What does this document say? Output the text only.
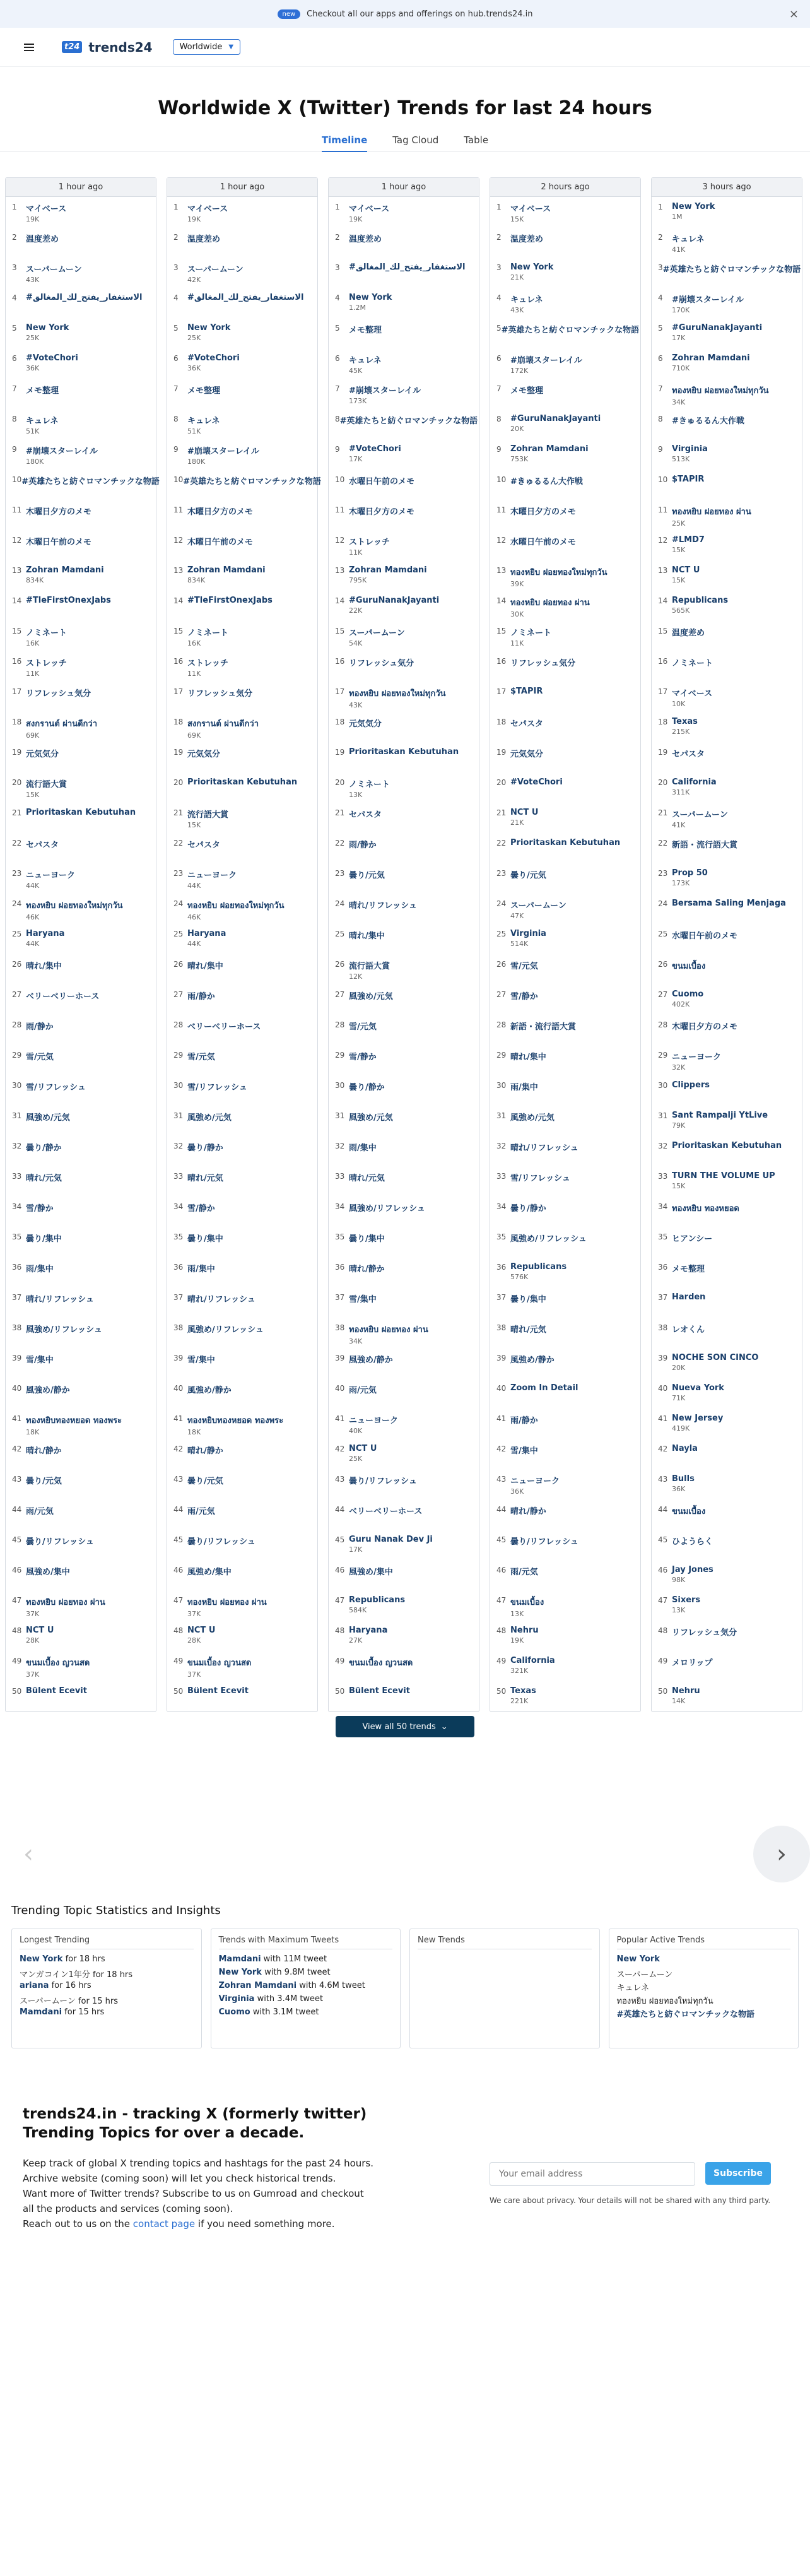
new	Checkout all our apps and offerings on hub.trends24.in	×
t24 trends24	Worldwide ▼
Worldwide X (Twitter) Trends for last 24 hours
Timeline	Tag Cloud	Table
1 hour ago
1	マイベース
19K
2	温度差め
3	スーパームーン
43K
4	#الاستغفار_يفتح_لك_المغالق
5	New York
25K
6	#VoteChori
36K
7	メモ整理
8	キュレネ
51K
9	#崩壊スターレイル
180K
10 #英雄たちと紡ぐロマンチックな物語
11 木曜日夕方のメモ
12 木曜日午前のメモ
13 Zohran Mamdani
834K
14 #TleFirstOnexJabs
15 ノミネート
16K
16 ストレッチ
11K
17 リフレッシュ気分
18 สงกรานต์ ผ่านดีกว่า
69K
19 元気気分
20 流行語大賞
15K
21 Prioritaskan Kebutuhan
22 セパスタ
23 ニューヨーク
44K
24 ทองหยิบ ฝอยทองใหม่ทุกวัน
46K
25 Haryana
44K
26 晴れ/集中
27 ベリーベリーホース
28 雨/静か
29 雪/元気
30 雪/リフレッシュ
31 風強め/元気
32 曇り/静か
33 晴れ/元気
34 雪/静か
35 曇り/集中
36 雨/集中
37 晴れ/リフレッシュ
38 風強め/リフレッシュ
39 雪/集中
40 風強め/静か
41 ทองหยิบทองหยอด ทองพระ
18K
42 晴れ/静か
43 曇り/元気
44 雨/元気
45 曇り/リフレッシュ
46 風強め/集中
47 ทองหยิบ ฝอยทอง ผ่าน
37K
48 NCT U
28K
49 ขนมเบื้อง ญวนสด
37K
50 Bülent Ecevit
1 hour ago
1	マイベース
19K
2	温度差め
3	スーパームーン
42K
4	#الاستغفار_يفتح_لك_المغالق
5	New York
25K
6	#VoteChori
36K
7	メモ整理
8	キュレネ
51K
9	#崩壊スターレイル
180K
10 #英雄たちと紡ぐロマンチックな物語
11 木曜日夕方のメモ
12 木曜日午前のメモ
13 Zohran Mamdani
834K
14 #TleFirstOnexJabs
15 ノミネート
16K
16 ストレッチ
11K
17 リフレッシュ気分
18 สงกรานต์ ผ่านดีกว่า
69K
19 元気気分
20 Prioritaskan Kebutuhan
21 流行語大賞
15K
22 セパスタ
23 ニューヨーク
44K
24 ทองหยิบ ฝอยทองใหม่ทุกวัน
46K
25 Haryana
44K
26 晴れ/集中
27 雨/静か
28 ベリーベリーホース
29 雪/元気
30 雪/リフレッシュ
31 風強め/元気
32 曇り/静か
33 晴れ/元気
34 雪/静か
35 曇り/集中
36 雨/集中
37 晴れ/リフレッシュ
38 風強め/リフレッシュ
39 雪/集中
40 風強め/静か
41 ทองหยิบทองหยอด ทองพระ
18K
42 晴れ/静か
43 曇り/元気
44 雨/元気
45 曇り/リフレッシュ
46 風強め/集中
47 ทองหยิบ ฝอยทอง ผ่าน
37K
48 NCT U
28K
49 ขนมเบื้อง ญวนสด
37K
50 Bülent Ecevit
1 hour ago
1	マイベース
19K
2	温度差め
3	#الاستغفار_يفتح_لك_المغالق
4	New York
1.2M
5	メモ整理
6	キュレネ
45K
7	#崩壊スターレイル
173K
8 #英雄たちと紡ぐロマンチックな物語
9	#VoteChori
17K
10 水曜日午前のメモ
11 木曜日夕方のメモ
12 ストレッチ
11K
13 Zohran Mamdani
795K
14 #GuruNanakJayanti
22K
15 スーパームーン
54K
16 リフレッシュ気分
17 ทองหยิบ ฝอยทองใหม่ทุกวัน
43K
18 元気気分
19 Prioritaskan Kebutuhan
20 ノミネート
13K
21 セパスタ
22 雨/静か
23 曇り/元気
24 晴れ/リフレッシュ
25 晴れ/集中
26 流行語大賞
12K
27 風強め/元気
28 雪/元気
29 雪/静か
30 曇り/静か
31 風強め/元気
32 雨/集中
33 晴れ/元気
34 風強め/リフレッシュ
35 曇り/集中
36 晴れ/静か
37 雪/集中
38 ทองหยิบ ฝอยทอง ผ่าน
34K
39 風強め/静か
40 雨/元気
41 ニューヨーク
40K
42 NCT U
25K
43 曇り/リフレッシュ
44 ベリーベリーホース
45 Guru Nanak Dev Ji
17K
46 風強め/集中
47 Republicans
584K
48 Haryana
27K
49 ขนมเบื้อง ญวนสด
50 Bülent Ecevit
2 hours ago
1	マイベース
15K
2	温度差め
3	New York
21K
4	キュレネ
43K
5 #英雄たちと紡ぐロマンチックな物語
6	#崩壊スターレイル
172K
7	メモ整理
8	#GuruNanakJayanti
20K
9	Zohran Mamdani
753K
10 #きゅるるん大作戦
11 木曜日夕方のメモ
12 水曜日午前のメモ
13 ทองหยิบ ฝอยทองใหม่ทุกวัน
39K
14 ทองหยิบ ฝอยทอง ผ่าน
30K
15 ノミネート
11K
16 リフレッシュ気分
17 $TAPIR
18 セパスタ
19 元気気分
20 #VoteChori
21 NCT U
21K
22 Prioritaskan Kebutuhan
23 曇り/元気
24 スーパームーン
47K
25 Virginia
514K
26 雪/元気
27 雪/静か
28 新語・流行語大賞
29 晴れ/集中
30 雨/集中
31 風強め/元気
32 晴れ/リフレッシュ
33 雪/リフレッシュ
34 曇り/静か
35 風強め/リフレッシュ
36 Republicans
576K
37 曇り/集中
38 晴れ/元気
39 風強め/静か
40 Zoom In Detail
41 雨/静か
42 雪/集中
43 ニューヨーク
36K
44 晴れ/静か
45 曇り/リフレッシュ
46 雨/元気
47 ขนมเบื้อง
13K
48 Nehru
19K
49 California
321K
50 Texas
221K
3 hours ago
1	New York
1M
2	キュレネ
41K
3 #英雄たちと紡ぐロマンチックな物語
4	#崩壊スターレイル
170K
5	#GuruNanakJayanti
17K
6	Zohran Mamdani
710K
7	ทองหยิบ ฝอยทองใหม่ทุกวัน
34K
8	#きゅるるん大作戦
9	Virginia
513K
10 $TAPIR
11 ทองหยิบ ฝอยทอง ผ่าน
25K
12 #LMD7
15K
13 NCT U
15K
14 Republicans
565K
15 温度差め
16 ノミネート
17 マイベース
10K
18 Texas
215K
19 セパスタ
20 California
311K
21 スーパームーン
41K
22 新語・流行語大賞
23 Prop 50
173K
24 Bersama Saling Menjaga
25 水曜日午前のメモ
26 ขนมเบื้อง
27 Cuomo
402K
28 木曜日夕方のメモ
29 ニューヨーク
32K
30 Clippers
31 Sant Rampalji YtLive
79K
32 Prioritaskan Kebutuhan
33 TURN THE VOLUME UP
15K
34 ทองหยิบ ทองหยอด
35 ヒアンシー
36 メモ整理
37 Harden
38 レオくん
39 NOCHE SON CINCO
20K
40 Nueva York
71K
41 New Jersey
419K
42 Nayla
43 Bulls
36K
44 ขนมเบื้อง
45 ひようらく
46 Jay Jones
98K
47 Sixers
13K
48 リフレッシュ気分
49 メロリップ
50 Nehru
14K
View all 50 trends ⌄
‹	›
Trending Topic Statistics and Insights
Longest Trending
New York for 18 hrs
マンガコイン1年分 for 18 hrs
ariana for 16 hrs
スーパームーン for 15 hrs
Mamdani for 15 hrs
Trends with Maximum Tweets
Mamdani with 11M tweet
New York with 9.8M tweet
Zohran Mamdani with 4.6M tweet
Virginia with 3.4M tweet
Cuomo with 3.1M tweet
New Trends	Popular Active Trends
New York
スーパームーン
キュレネ
ทองหยิบ ฝอยทองใหม่ทุกวัน
#英雄たちと紡ぐロマンチックな物語
trends24.in - tracking X (formerly twitter) Trending Topics for over a decade.

Keep track of global X trending topics and hashtags for the past 24 hours.
Archive website (coming soon) will let you check historical trends.
Want more of Twitter trends? Subscribe to us on Gumroad and checkout all the products and services (coming soon).
Reach out to us on the contact page if you need something more.

Your email address
Subscribe
We care about privacy. Your details will not be shared with any third party.
